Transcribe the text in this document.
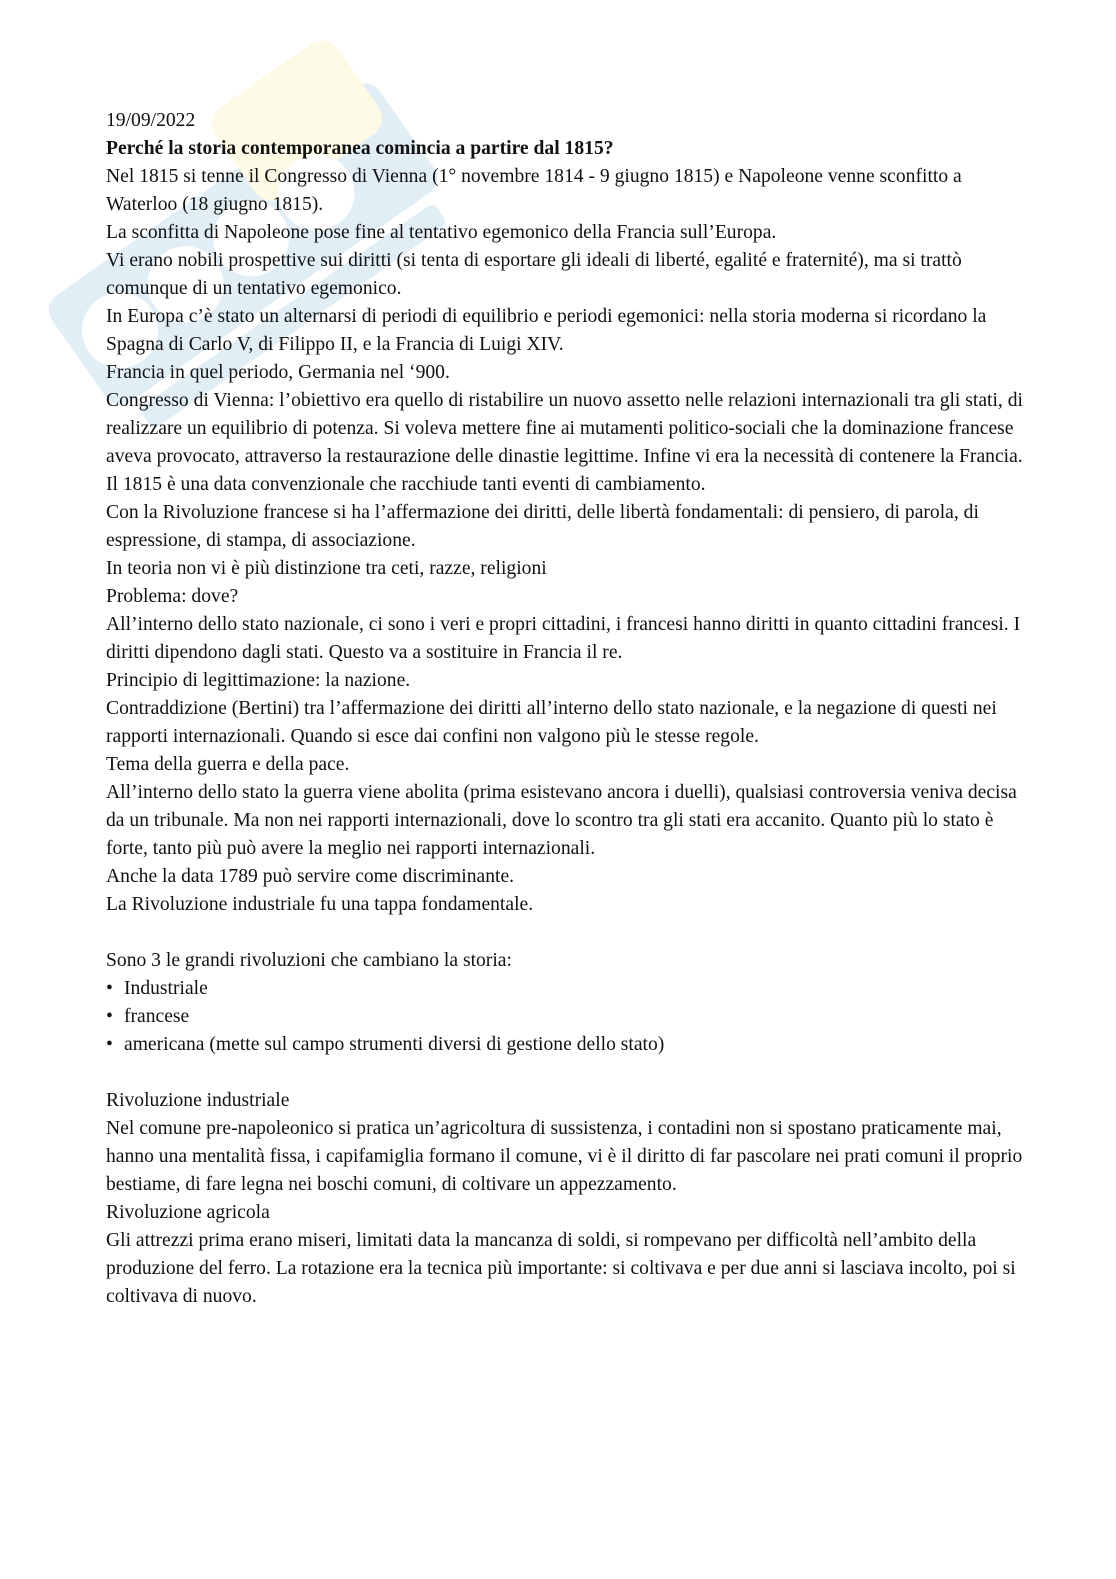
19/09/2022

Perché la storia contemporanea comincia a partire dal 1815?

Nel 1815 si tenne il Congresso di Vienna (1° novembre 1814 - 9 giugno 1815) e Napoleone venne sconfitto a Waterloo (18 giugno 1815).

La sconfitta di Napoleone pose fine al tentativo egemonico della Francia sull’Europa.

Vi erano nobili prospettive sui diritti (si tenta di esportare gli ideali di liberté, egalité e fraternité), ma si trattò comunque di un tentativo egemonico.

In Europa c’è stato un alternarsi di periodi di equilibrio e periodi egemonici: nella storia moderna si ricordano la Spagna di Carlo V, di Filippo II, e la Francia di Luigi XIV.

Francia in quel periodo, Germania nel ‘900.

Congresso di Vienna: l’obiettivo era quello di ristabilire un nuovo assetto nelle relazioni internazionali tra gli stati, di realizzare un equilibrio di potenza. Si voleva mettere fine ai mutamenti politico-sociali che la dominazione francese aveva provocato, attraverso la restaurazione delle dinastie legittime. Infine vi era la necessità di contenere la Francia.

Il 1815 è una data convenzionale che racchiude tanti eventi di cambiamento.

Con la Rivoluzione francese si ha l’affermazione dei diritti, delle libertà fondamentali: di pensiero, di parola, di espressione, di stampa, di associazione.

In teoria non vi è più distinzione tra ceti, razze, religioni

Problema: dove?

All’interno dello stato nazionale, ci sono i veri e propri cittadini, i francesi hanno diritti in quanto cittadini francesi. I diritti dipendono dagli stati. Questo va a sostituire in Francia il re.

Principio di legittimazione: la nazione.

Contraddizione (Bertini) tra l’affermazione dei diritti all’interno dello stato nazionale, e la negazione di questi nei rapporti internazionali. Quando si esce dai confini non valgono più le stesse regole.

Tema della guerra e della pace.

All’interno dello stato la guerra viene abolita (prima esistevano ancora i duelli), qualsiasi controversia veniva decisa da un tribunale. Ma non nei rapporti internazionali, dove lo scontro tra gli stati era accanito. Quanto più lo stato è forte, tanto più può avere la meglio nei rapporti internazionali.

Anche la data 1789 può servire come discriminante.

La Rivoluzione industriale fu una tappa fondamentale.

Sono 3 le grandi rivoluzioni che cambiano la storia:

• Industriale
• francese
• americana (mette sul campo strumenti diversi di gestione dello stato)

Rivoluzione industriale

Nel comune pre-napoleonico si pratica un’agricoltura di sussistenza, i contadini non si spostano praticamente mai, hanno una mentalità fissa, i capifamiglia formano il comune, vi è il diritto di far pascolare nei prati comuni il proprio bestiame, di fare legna nei boschi comuni, di coltivare un appezzamento.

Rivoluzione agricola

Gli attrezzi prima erano miseri, limitati data la mancanza di soldi, si rompevano per difficoltà nell’ambito della produzione del ferro. La rotazione era la tecnica più importante: si coltivava e per due anni si lasciava incolto, poi si coltivava di nuovo.
